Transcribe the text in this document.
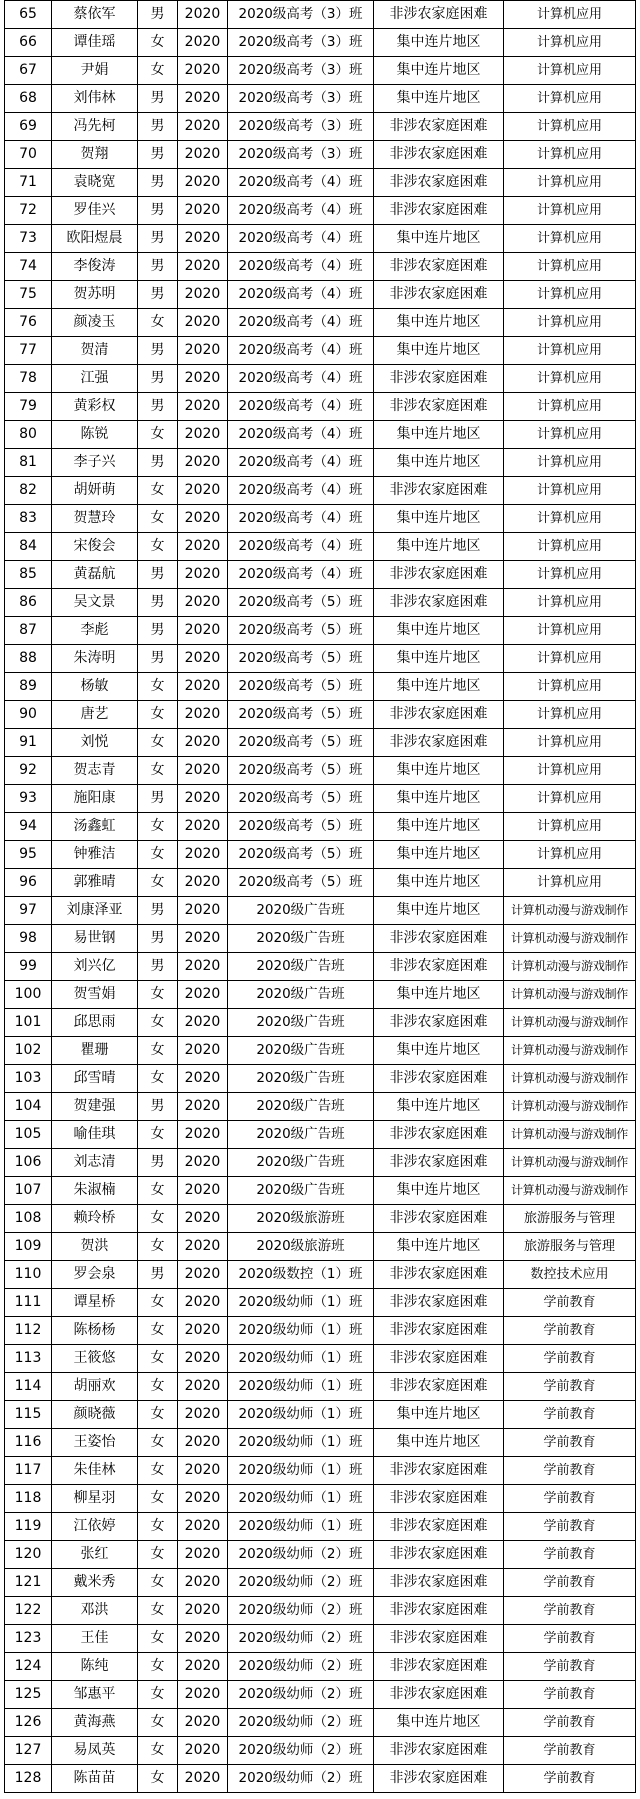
65	蔡依军	男	2020	2020级高考（3）班	非涉农家庭困难	计算机应用
66	谭佳瑶	女	2020	2020级高考（3）班	集中连片地区	计算机应用
67	尹娟	女	2020	2020级高考（3）班	集中连片地区	计算机应用
68	刘伟林	男	2020	2020级高考（3）班	集中连片地区	计算机应用
69	冯先柯	男	2020	2020级高考（3）班	非涉农家庭困难	计算机应用
70	贺翔	男	2020	2020级高考（3）班	非涉农家庭困难	计算机应用
71	袁晓宽	男	2020	2020级高考（4）班	非涉农家庭困难	计算机应用
72	罗佳兴	男	2020	2020级高考（4）班	非涉农家庭困难	计算机应用
73	欧阳煜晨	男	2020	2020级高考（4）班	集中连片地区	计算机应用
74	李俊涛	男	2020	2020级高考（4）班	非涉农家庭困难	计算机应用
75	贺苏明	男	2020	2020级高考（4）班	非涉农家庭困难	计算机应用
76	颜凌玉	女	2020	2020级高考（4）班	集中连片地区	计算机应用
77	贺清	男	2020	2020级高考（4）班	集中连片地区	计算机应用
78	江强	男	2020	2020级高考（4）班	非涉农家庭困难	计算机应用
79	黄彩权	男	2020	2020级高考（4）班	非涉农家庭困难	计算机应用
80	陈锐	女	2020	2020级高考（4）班	集中连片地区	计算机应用
81	李子兴	男	2020	2020级高考（4）班	集中连片地区	计算机应用
82	胡妍萌	女	2020	2020级高考（4）班	非涉农家庭困难	计算机应用
83	贺慧玲	女	2020	2020级高考（4）班	集中连片地区	计算机应用
84	宋俊会	女	2020	2020级高考（4）班	集中连片地区	计算机应用
85	黄磊航	男	2020	2020级高考（4）班	非涉农家庭困难	计算机应用
86	吴文景	男	2020	2020级高考（5）班	非涉农家庭困难	计算机应用
87	李彪	男	2020	2020级高考（5）班	集中连片地区	计算机应用
88	朱涛明	男	2020	2020级高考（5）班	集中连片地区	计算机应用
89	杨敏	女	2020	2020级高考（5）班	集中连片地区	计算机应用
90	唐艺	女	2020	2020级高考（5）班	非涉农家庭困难	计算机应用
91	刘悦	女	2020	2020级高考（5）班	非涉农家庭困难	计算机应用
92	贺志青	女	2020	2020级高考（5）班	集中连片地区	计算机应用
93	施阳康	男	2020	2020级高考（5）班	集中连片地区	计算机应用
94	汤鑫虹	女	2020	2020级高考（5）班	集中连片地区	计算机应用
95	钟雅洁	女	2020	2020级高考（5）班	集中连片地区	计算机应用
96	郭雅晴	女	2020	2020级高考（5）班	集中连片地区	计算机应用
97	刘康泽亚	男	2020	2020级广告班	集中连片地区	计算机动漫与游戏制作
98	易世钢	男	2020	2020级广告班	非涉农家庭困难	计算机动漫与游戏制作
99	刘兴亿	男	2020	2020级广告班	非涉农家庭困难	计算机动漫与游戏制作
100	贺雪娟	女	2020	2020级广告班	集中连片地区	计算机动漫与游戏制作
101	邱思雨	女	2020	2020级广告班	非涉农家庭困难	计算机动漫与游戏制作
102	瞿珊	女	2020	2020级广告班	集中连片地区	计算机动漫与游戏制作
103	邱雪晴	女	2020	2020级广告班	非涉农家庭困难	计算机动漫与游戏制作
104	贺建强	男	2020	2020级广告班	集中连片地区	计算机动漫与游戏制作
105	喻佳琪	女	2020	2020级广告班	非涉农家庭困难	计算机动漫与游戏制作
106	刘志清	男	2020	2020级广告班	非涉农家庭困难	计算机动漫与游戏制作
107	朱淑楠	女	2020	2020级广告班	集中连片地区	计算机动漫与游戏制作
108	赖玲桥	女	2020	2020级旅游班	非涉农家庭困难	旅游服务与管理
109	贺洪	女	2020	2020级旅游班	集中连片地区	旅游服务与管理
110	罗会泉	男	2020	2020级数控（1）班	非涉农家庭困难	数控技术应用
111	谭星桥	女	2020	2020级幼师（1）班	非涉农家庭困难	学前教育
112	陈杨杨	女	2020	2020级幼师（1）班	非涉农家庭困难	学前教育
113	王筱悠	女	2020	2020级幼师（1）班	非涉农家庭困难	学前教育
114	胡丽欢	女	2020	2020级幼师（1）班	非涉农家庭困难	学前教育
115	颜晓薇	女	2020	2020级幼师（1）班	集中连片地区	学前教育
116	王姿怡	女	2020	2020级幼师（1）班	集中连片地区	学前教育
117	朱佳林	女	2020	2020级幼师（1）班	非涉农家庭困难	学前教育
118	柳星羽	女	2020	2020级幼师（1）班	非涉农家庭困难	学前教育
119	江依婷	女	2020	2020级幼师（1）班	非涉农家庭困难	学前教育
120	张红	女	2020	2020级幼师（2）班	非涉农家庭困难	学前教育
121	戴米秀	女	2020	2020级幼师（2）班	非涉农家庭困难	学前教育
122	邓洪	女	2020	2020级幼师（2）班	非涉农家庭困难	学前教育
123	王佳	女	2020	2020级幼师（2）班	非涉农家庭困难	学前教育
124	陈纯	女	2020	2020级幼师（2）班	非涉农家庭困难	学前教育
125	邹惠平	女	2020	2020级幼师（2）班	非涉农家庭困难	学前教育
126	黄海燕	女	2020	2020级幼师（2）班	集中连片地区	学前教育
127	易凤英	女	2020	2020级幼师（2）班	非涉农家庭困难	学前教育
128	陈苗苗	女	2020	2020级幼师（2）班	非涉农家庭困难	学前教育
